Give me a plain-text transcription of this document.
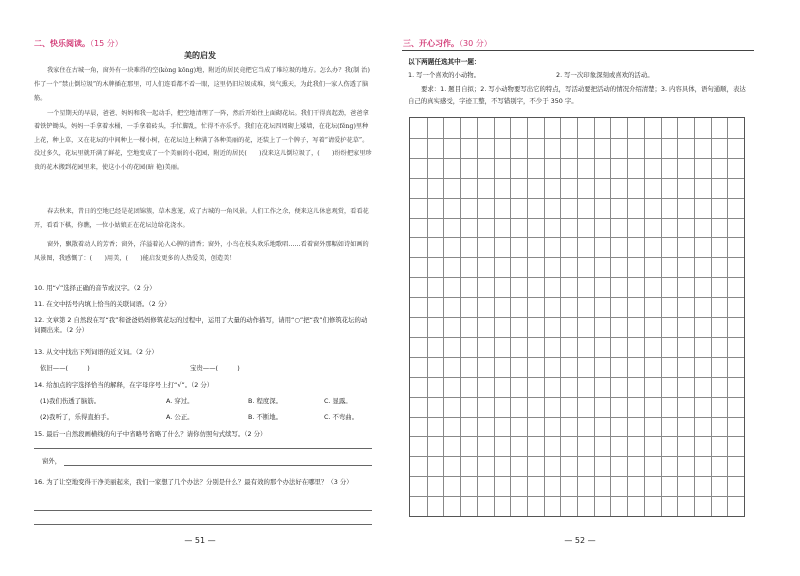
二、快乐阅读。（15 分）
美的启发

我家住在古城一角，窗外有一块难得的空(kòng kōng)地，附近的居民竟把它当成了堆垃圾的地方。怎么办？我(制 治)作了一个“禁止倒垃圾”的木牌插在那里，可人们连看都不看一眼，这里仍旧垃圾成堆，臭气熏天，为此我们一家人伤透了脑筋。

一个星期天的早晨，爸爸、妈妈和我一起动手，把空地清理了一阵，然后开始往上面砌花坛。我们干得真起劲，爸爸拿着铁铲锄头，妈妈一手拿着水桶，一手拿着砖头，手忙脚乱，忙得不亦乐乎。我们在花坛四周砌上矮墙，在花坛(fěng)里种上花，种上草，又在花坛的中间种上一棵小树，在花坛边上种满了各种美丽的花，还装上了一个牌子，写着“请爱护花草”。没过多久，花坛里就开满了鲜花，空地变成了一个美丽的小花园，附近的居民(　　)没来这儿倒垃圾了，(　　)纷纷把家里珍贵的花木搬到花园里来，使这小小的花园(暗 艳)美丽。

春去秋来，昔日的空地已经是花团锦簇，草木葱茏，成了古城的一角风景。人们工作之余，便来这儿休息观赏，看看花开，看看下棋，你瞧，一位小姑娘正在花坛边给花浇水。

窗外，飘散着动人的芳香；窗外，洋溢着沁人心脾的清香；窗外，小鸟在枝头欢乐地歌唱……看着窗外那幅如诗如画的风景图，我感慨了：(　　)用美，(　　)能启发更多的人热爱美，创造美！

10. 用“√”选择正确的音节或汉字。（2 分）

11. 在文中括号内填上恰当的关联词语。（2 分）

12. 文章第 2 自然段在写“我”和爸爸妈妈修筑花坛的过程中，运用了大量的动作描写，请用“○”把“我”们修筑花坛的动词圈出来。（2 分）

13. 从文中找出下列词语的近义词。（2 分）

依旧——(　　　)	宝贵——(　　　)

14. 给加点的字选择恰当的解释，在字母序号上打“√”。（2 分）

(1)我们伤透了脑筋。	A. 穿过。	B. 程度深。	C. 显露。
(2)我听了，乐得直拍手。	A. 公正。	B. 不断地。	C. 不弯曲。

15. 最后一自然段画横线的句子中省略号省略了什么？请你仿照句式续写。（2 分）

窗外，

16. 为了让空地变得干净美丽起来，我们一家想了几个办法？分别是什么？最有效的那个办法好在哪里？（3 分）

— 51 —
三、开心习作。（30 分）
以下两题任选其中一题：
1. 写一个喜欢的小动物。	2. 写一次印象深刻或喜欢的活动。

要求：1. 题目自拟；2. 写小动物要写出它的特点，写活动要把活动的情况介绍清楚；3. 内容具体，语句通顺，表达自己的真实感受，字迹工整，不写错别字，不少于 350 字。

— 52 —
